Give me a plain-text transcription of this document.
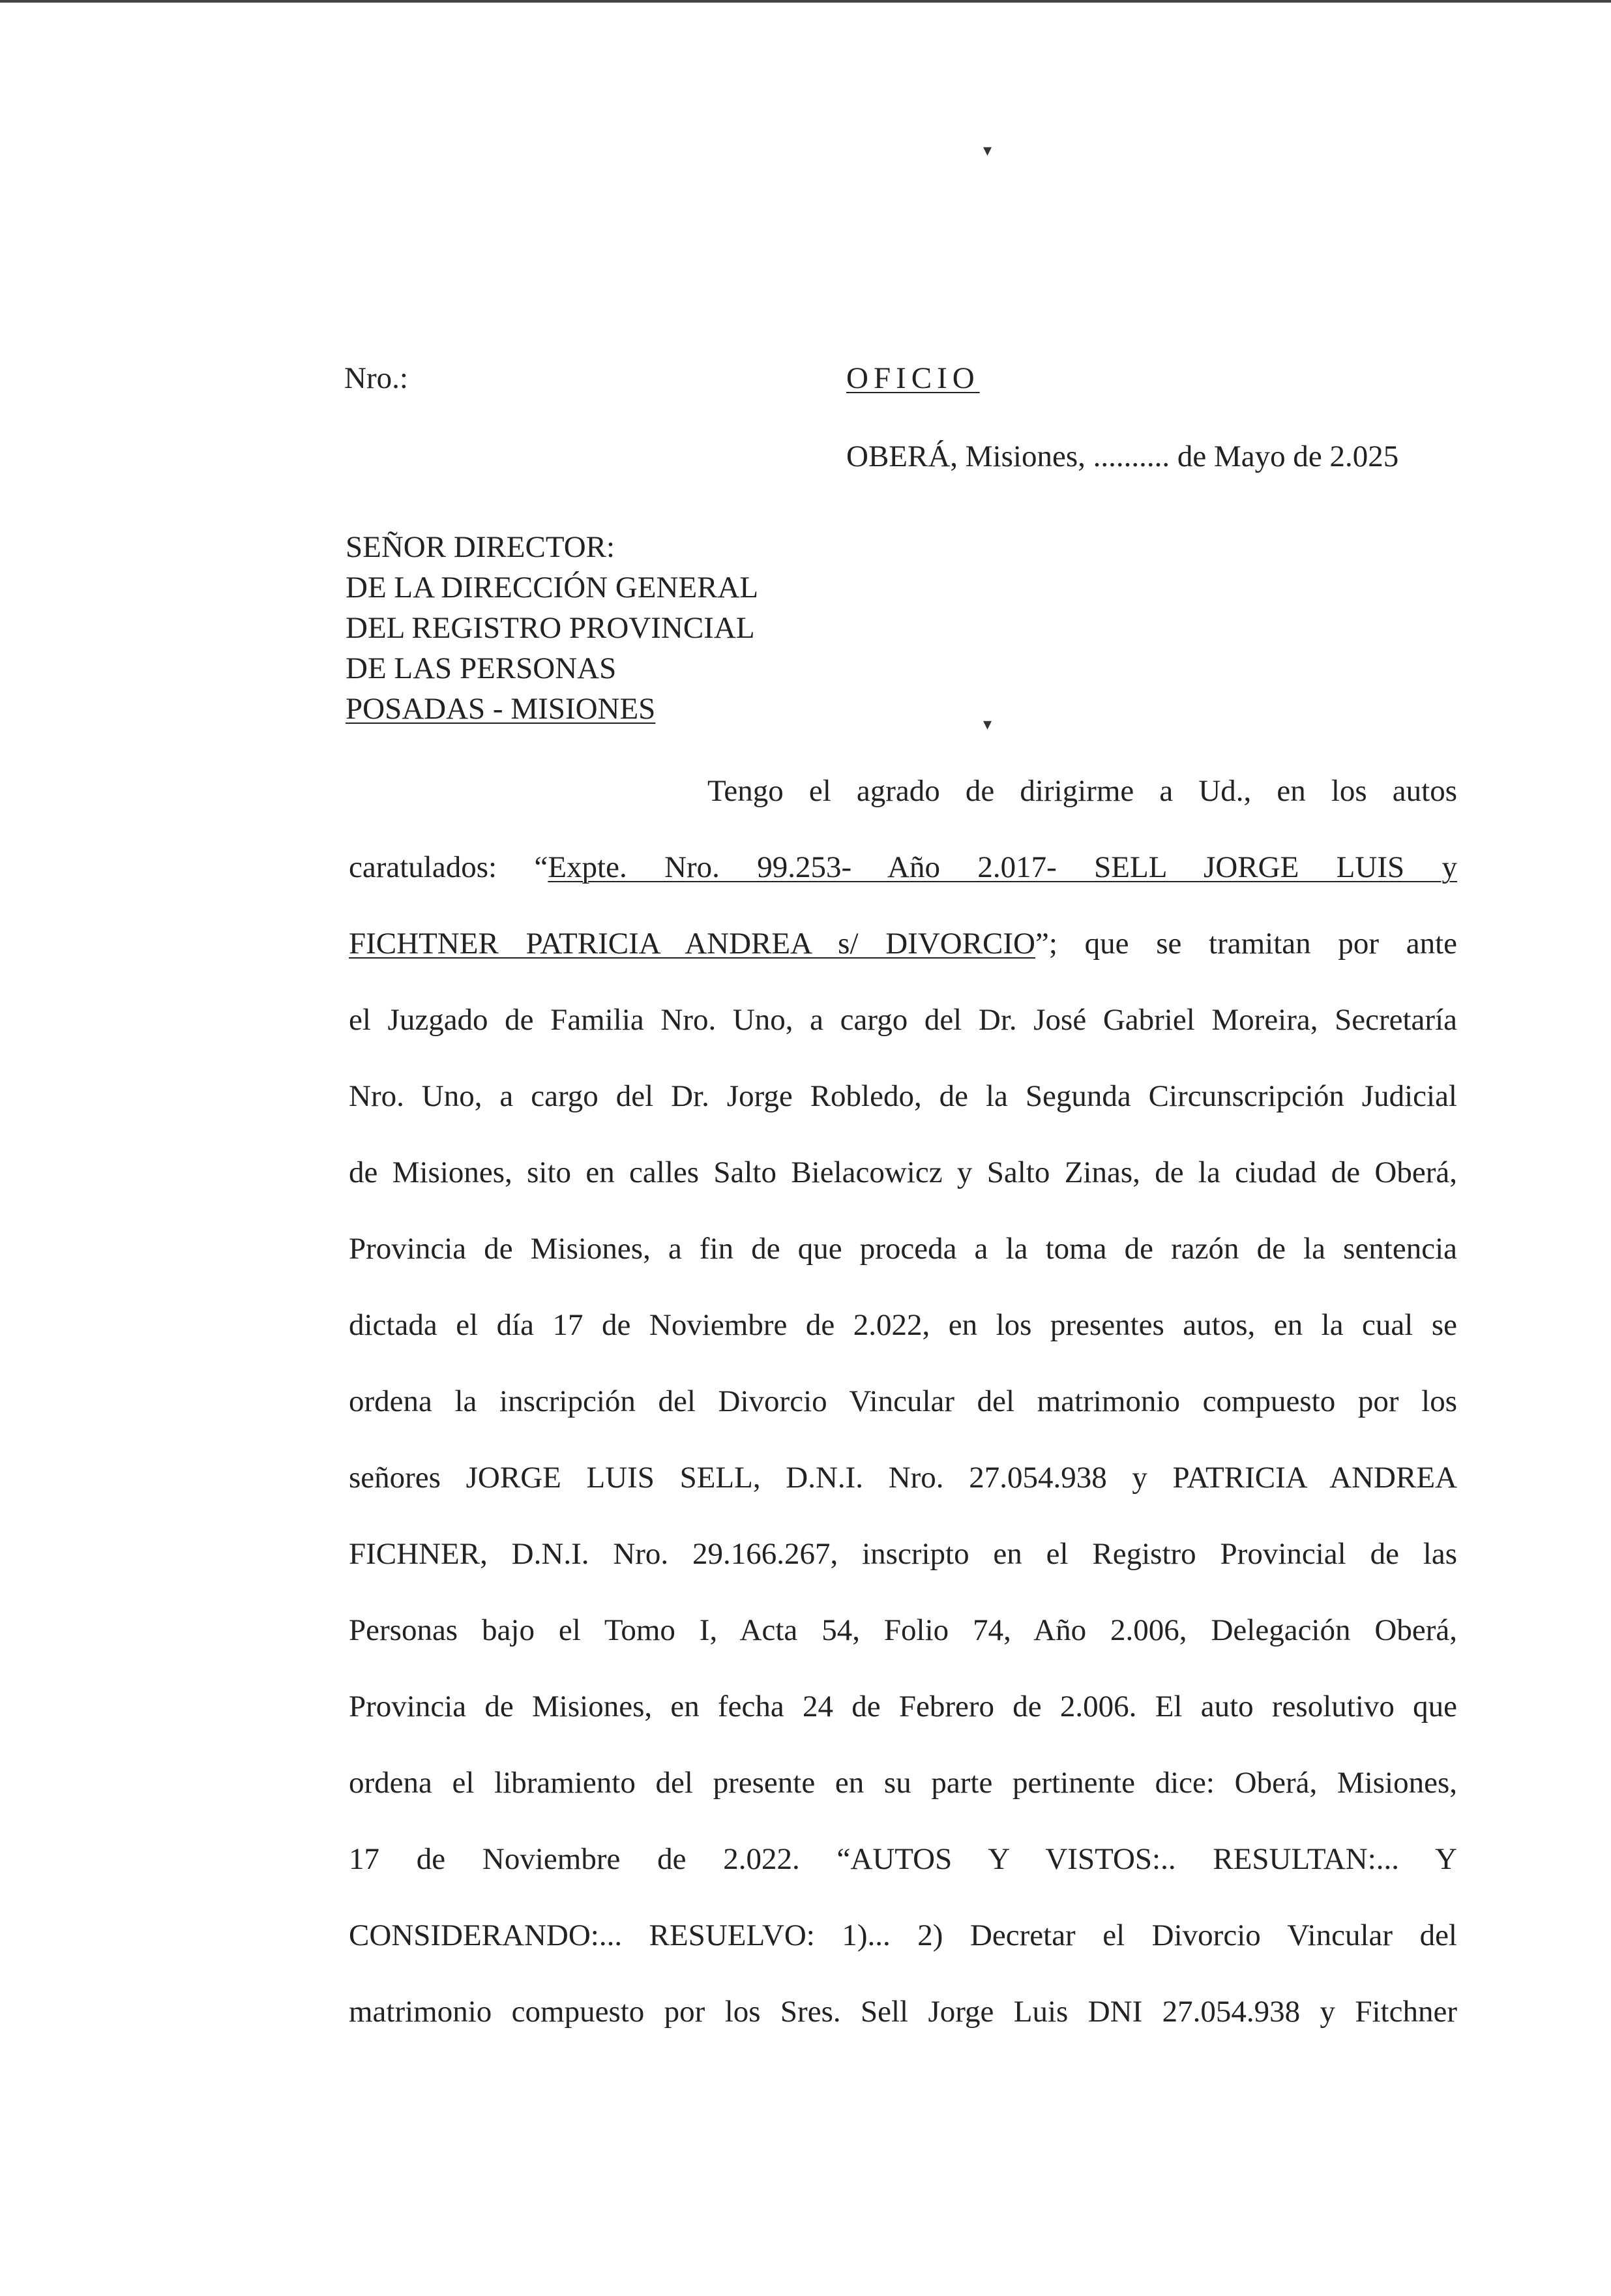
▾
▾
Nro.:	OFICIO
OBERÁ, Misiones, .......... de Mayo de 2.025
SEÑOR DIRECTOR:
DE LA DIRECCIÓN GENERAL
DEL REGISTRO PROVINCIAL
DE LAS PERSONAS
POSADAS - MISIONES
Tengo el agrado de dirigirme a Ud., en los autos
caratulados: “Expte. Nro. 99.253- Año 2.017- SELL JORGE LUIS y
FICHTNER PATRICIA ANDREA s/ DIVORCIO”; que se tramitan por ante
el Juzgado de Familia Nro. Uno, a cargo del Dr. José Gabriel Moreira, Secretaría
Nro. Uno, a cargo del Dr. Jorge Robledo, de la Segunda Circunscripción Judicial
de Misiones, sito en calles Salto Bielacowicz y Salto Zinas, de la ciudad de Oberá,
Provincia de Misiones, a fin de que proceda a la toma de razón de la sentencia
dictada el día 17 de Noviembre de 2.022, en los presentes autos, en la cual se
ordena la inscripción del Divorcio Vincular del matrimonio compuesto por los
señores JORGE LUIS SELL, D.N.I. Nro. 27.054.938 y PATRICIA ANDREA
FICHNER, D.N.I. Nro. 29.166.267, inscripto en el Registro Provincial de las
Personas bajo el Tomo I, Acta 54, Folio 74, Año 2.006, Delegación Oberá,
Provincia de Misiones, en fecha 24 de Febrero de 2.006. El auto resolutivo que
ordena el libramiento del presente en su parte pertinente dice: Oberá, Misiones,
17 de Noviembre de 2.022. “AUTOS Y VISTOS:.. RESULTAN:... Y
CONSIDERANDO:... RESUELVO: 1)... 2) Decretar el Divorcio Vincular del
matrimonio compuesto por los Sres. Sell Jorge Luis DNI 27.054.938 y Fitchner
